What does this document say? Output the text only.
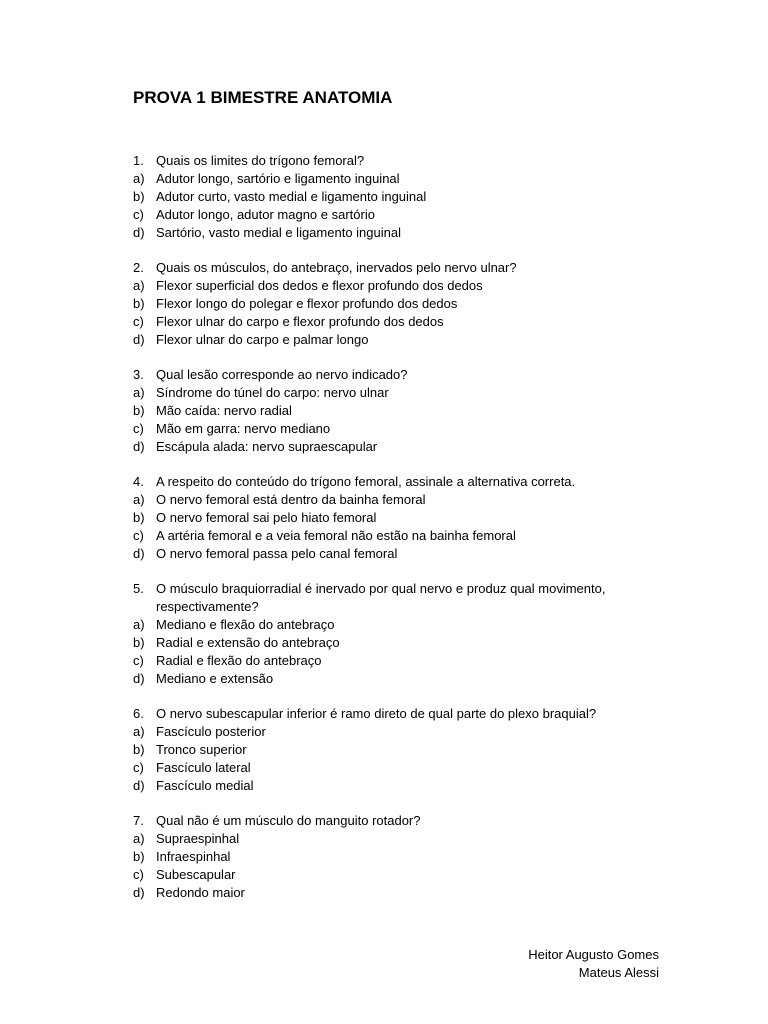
PROVA 1 BIMESTRE ANATOMIA
1. Quais os limites do trígono femoral?
a) Adutor longo, sartório e ligamento inguinal
b) Adutor curto, vasto medial e ligamento inguinal
c) Adutor longo, adutor magno e sartório
d) Sartório, vasto medial e ligamento inguinal
2. Quais os músculos, do antebraço, inervados pelo nervo ulnar?
a) Flexor superficial dos dedos e flexor profundo dos dedos
b) Flexor longo do polegar e flexor profundo dos dedos
c) Flexor ulnar do carpo e flexor profundo dos dedos
d) Flexor ulnar do carpo e palmar longo
3. Qual lesão corresponde ao nervo indicado?
a) Síndrome do túnel do carpo: nervo ulnar
b) Mão caída: nervo radial
c) Mão em garra: nervo mediano
d) Escápula alada: nervo supraescapular
4. A respeito do conteúdo do trígono femoral, assinale a alternativa correta.
a) O nervo femoral está dentro da bainha femoral
b) O nervo femoral sai pelo hiato femoral
c) A artéria femoral e a veia femoral não estão na bainha femoral
d) O nervo femoral passa pelo canal femoral
5. O músculo braquiorradial é inervado por qual nervo e produz qual movimento, respectivamente?
a) Mediano e flexão do antebraço
b) Radial e extensão do antebraço
c) Radial e flexão do antebraço
d) Mediano e extensão
6. O nervo subescapular inferior é ramo direto de qual parte do plexo braquial?
a) Fascículo posterior
b) Tronco superior
c) Fascículo lateral
d) Fascículo medial
7. Qual não é um músculo do manguito rotador?
a) Supraespinhal
b) Infraespinhal
c) Subescapular
d) Redondo maior
Heitor Augusto Gomes
Mateus Alessi
